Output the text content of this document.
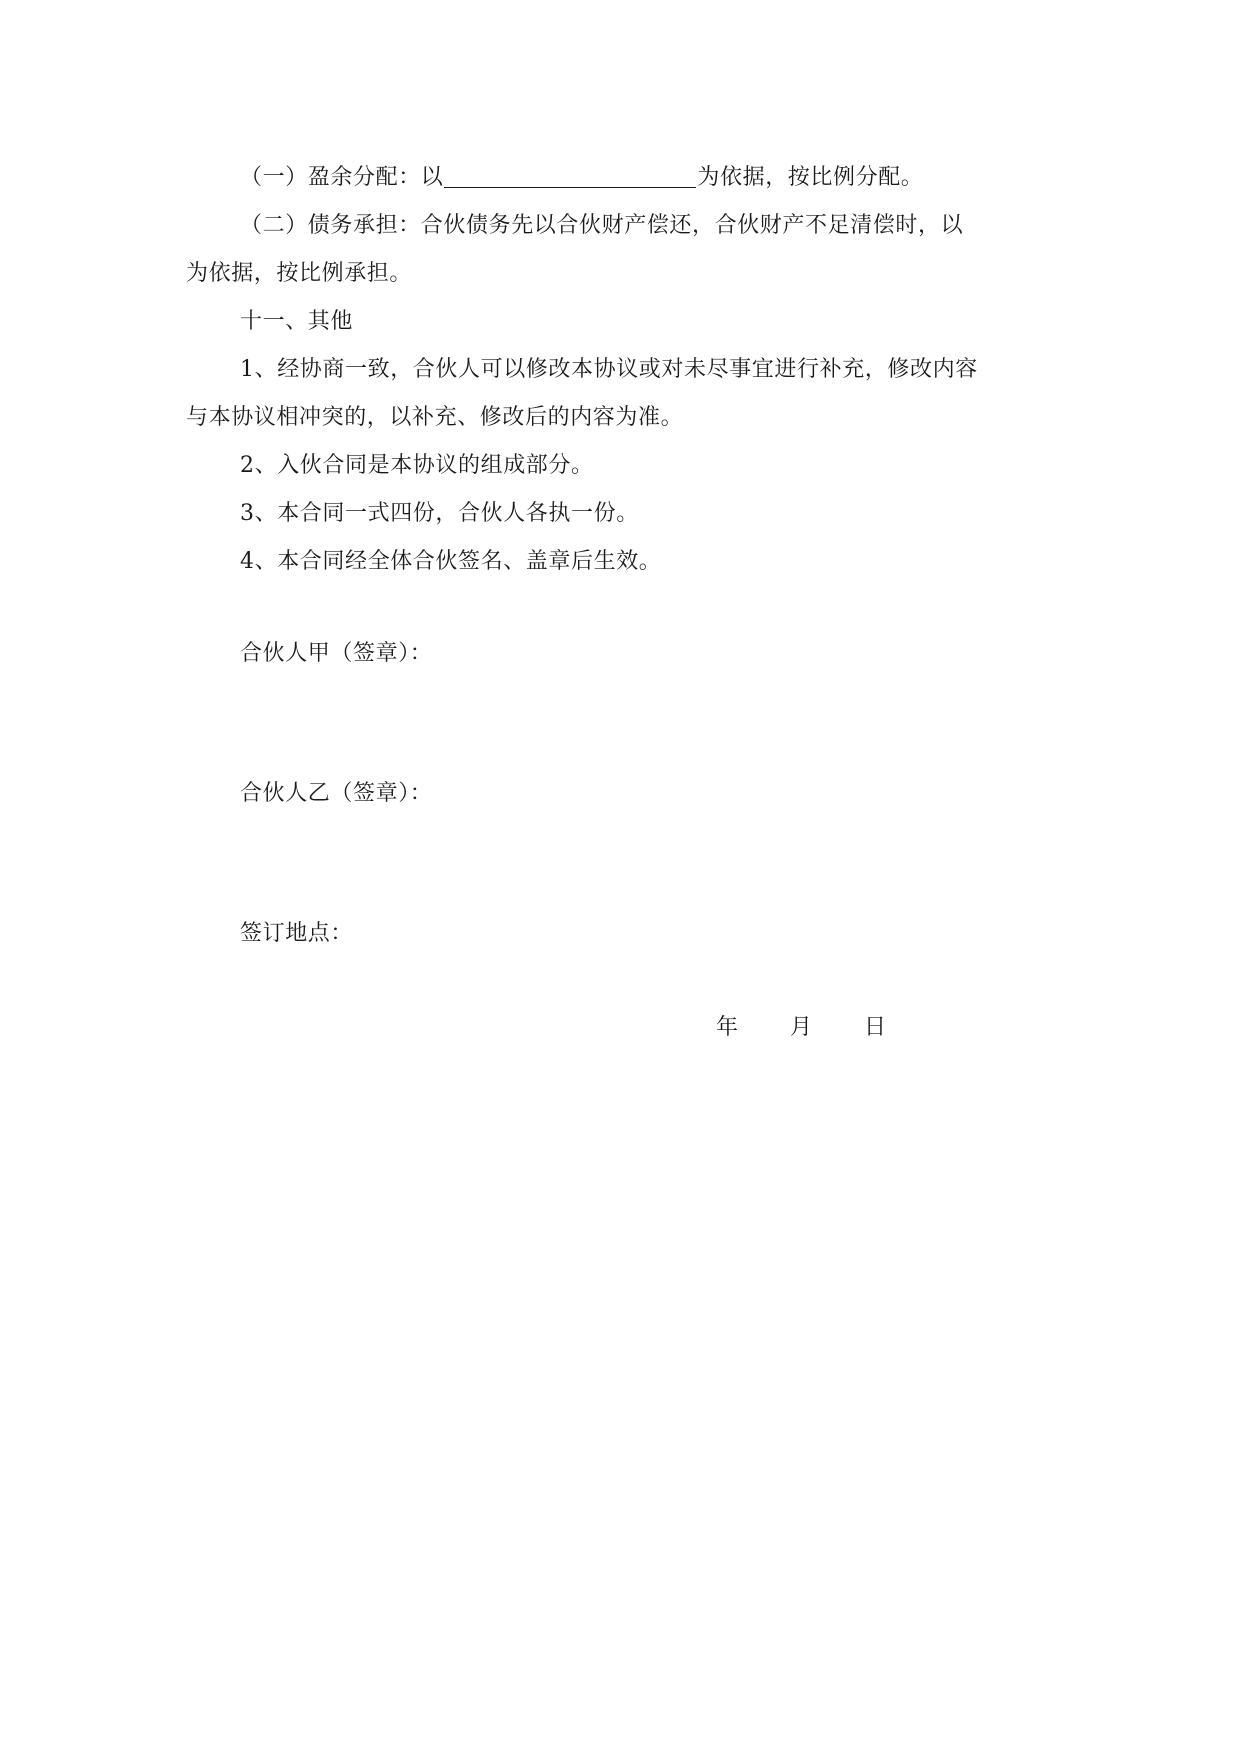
（一）盈余分配：以	为依据，按比例分配。
（二）债务承担：合伙债务先以合伙财产偿还，合伙财产不足清偿时，以
为依据，按比例承担。
十一、其他
1、经协商一致，合伙人可以修改本协议或对未尽事宜进行补充，修改内容
与本协议相冲突的，以补充、修改后的内容为准。
2、入伙合同是本协议的组成部分。
3、本合同一式四份，合伙人各执一份。
4、本合同经全体合伙签名、盖章后生效。
合伙人甲（签章）：
合伙人乙（签章）：
签订地点：
年 月 日
